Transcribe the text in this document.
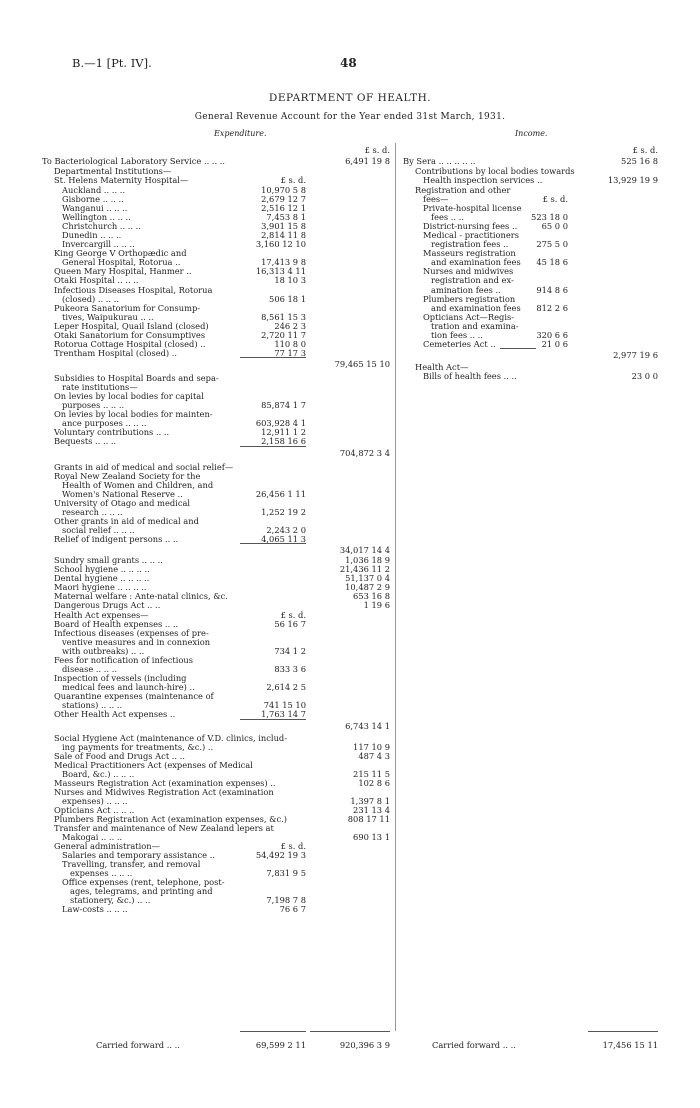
B.—1 [Pt. IV].	48
DEPARTMENT OF HEALTH.
General Revenue Account for the Year ended 31st March, 1931.
Expenditure.	Income.
£ s. d.
To Bacteriological Laboratory Service .. .. ..	6,491 19 8
Departmental Institutions—
St. Helens Maternity Hospital—	£ s. d.
Auckland .. .. ..	10,970 5 8
Gisborne .. .. ..	2,679 12 7
Wanganui .. .. ..	2,516 12 1
Wellington .. .. ..	7,453 8 1
Christchurch .. .. ..	3,901 15 8
Dunedin .. .. ..	2,814 11 8
Invercargill .. .. ..	3,160 12 10
King George V Orthopædic and
General Hospital, Rotorua ..	17,413 9 8
Queen Mary Hospital, Hanmer ..	16,313 4 11
Otaki Hospital .. .. ..	18 10 3
Infectious Diseases Hospital, Rotorua
(closed) .. .. ..	506 18 1
Pukeora Sanatorium for Consump-
tives, Waipukurau .. ..	8,561 15 3
Leper Hospital, Quail Island (closed)	246 2 3
Otaki Sanatorium for Consumptives	2,720 11 7
Rotorua Cottage Hospital (closed) ..	110 8 0
Trentham Hospital (closed) ..	77 17 3
79,465 15 10
Subsidies to Hospital Boards and sepa-
rate institutions—
On levies by local bodies for capital
purposes .. .. ..	85,874 1 7
On levies by local bodies for mainten-
ance purposes .. .. ..	603,928 4 1
Voluntary contributions .. ..	12,911 1 2
Bequests .. .. ..	2,158 16 6
704,872 3 4
Grants in aid of medical and social relief—
Royal New Zealand Society for the
Health of Women and Children, and
Women's National Reserve ..	26,456 1 11
University of Otago and medical
research .. .. ..	1,252 19 2
Other grants in aid of medical and
social relief .. .. ..	2,243 2 0
Relief of indigent persons .. ..	4,065 11 3
34,017 14 4
Sundry small grants .. .. ..	1,036 18 9
School hygiene .. .. .. ..	21,436 11 2
Dental hygiene .. .. .. ..	51,137 0 4
Maori hygiene .. .. .. ..	10,487 2 9
Maternal welfare : Ante-natal clinics, &c.	653 16 8
Dangerous Drugs Act .. ..	1 19 6
Health Act expenses—	£ s. d.
Board of Health expenses .. ..	56 16 7
Infectious diseases (expenses of pre-
ventive measures and in connexion
with outbreaks) .. ..	734 1 2
Fees for notification of infectious
disease .. .. ..	833 3 6
Inspection of vessels (including
medical fees and launch-hire) ..	2,614 2 5
Quarantine expenses (maintenance of
stations) .. .. ..	741 15 10
Other Health Act expenses ..	1,763 14 7
6,743 14 1
Social Hygiene Act (maintenance of V.D. clinics, includ-
ing payments for treatments, &c.) ..	117 10 9
Sale of Food and Drugs Act .. ..	487 4 3
Medical Practitioners Act (expenses of Medical
Board, &c.) .. .. ..	215 11 5
Masseurs Registration Act (examination expenses) ..	102 8 6
Nurses and Midwives Registration Act (examination
expenses) .. .. ..	1,397 8 1
Opticians Act .. .. ..	231 13 4
Plumbers Registration Act (examination expenses, &c.)	808 17 11
Transfer and maintenance of New Zealand lepers at
Makogai .. .. ..	690 13 1
General administration—	£ s. d.
Salaries and temporary assistance ..	54,492 19 3
Travelling, transfer, and removal
expenses .. .. ..	7,831 9 5
Office expenses (rent, telephone, post-
ages, telegrams, and printing and
stationery, &c.) .. ..	7,198 7 8
Law-costs .. .. ..	76 6 7
£ s. d.
By Sera .. .. .. .. ..	525 16 8
Contributions by local bodies towards
Health inspection services ..	13,929 19 9
Registration and other
fees—	£ s. d.
Private-hospital license
fees .. ..	523 18 0
District-nursing fees ..	65 0 0
Medical - practitioners
registration fees ..	275 5 0
Masseurs registration
and examination fees	45 18 6
Nurses and midwives
registration and ex-
amination fees ..	914 8 6
Plumbers registration
and examination fees	812 2 6
Opticians Act—Regis-
tration and examina-
tion fees .. ..	320 6 6
Cemeteries Act ..	21 0 6
2,977 19 6
Health Act—
Bills of health fees .. ..	23 0 0
Carried forward .. ..	69,599 2 11	920,396 3 9	Carried forward .. ..	17,456 15 11
